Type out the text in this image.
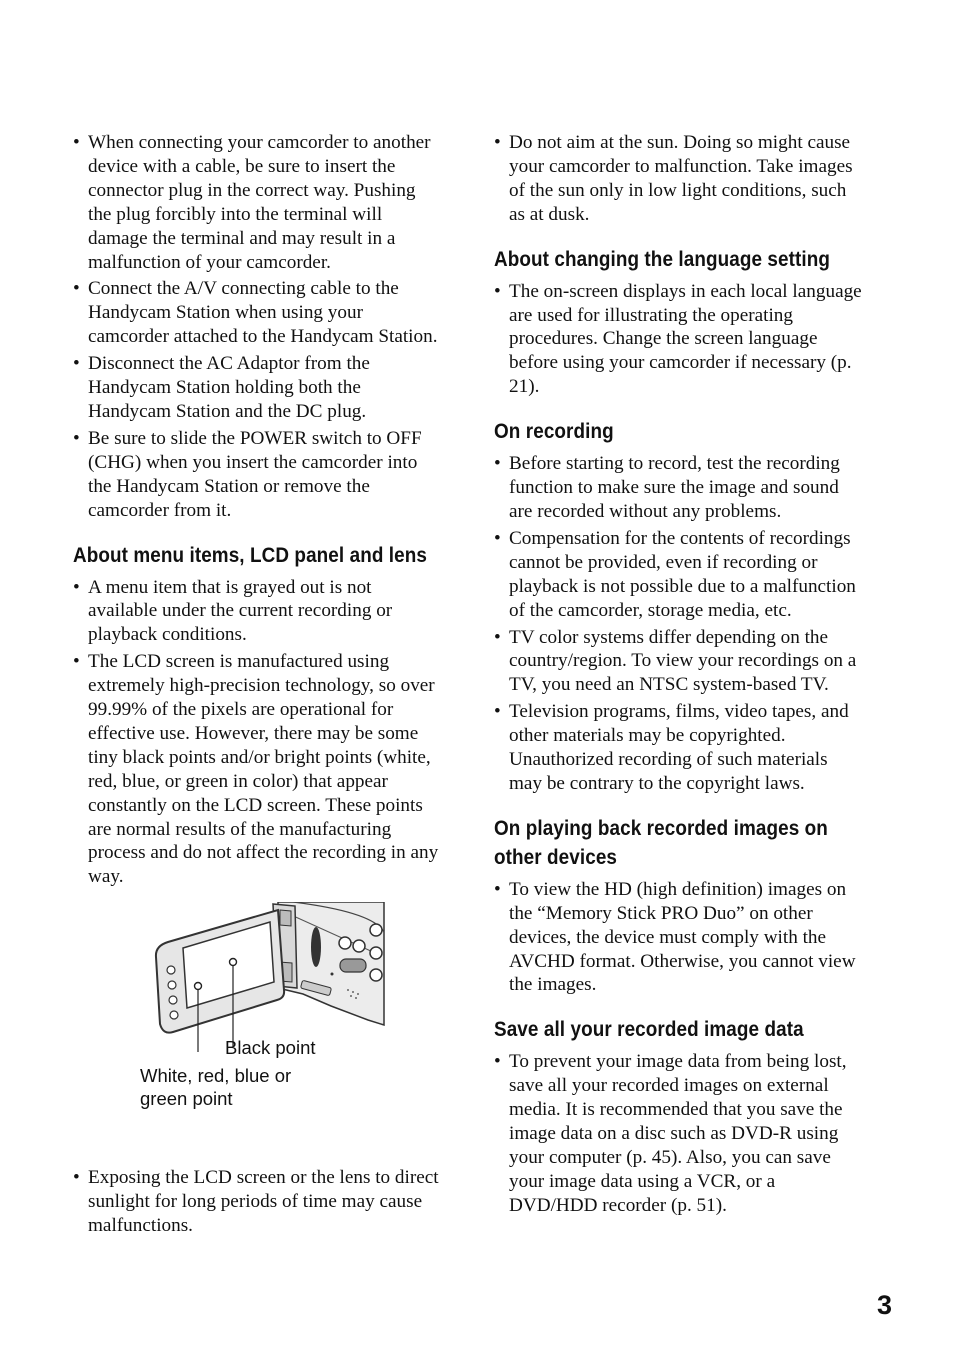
• When connecting your camcorder to another device with a cable, be sure to insert the connector plug in the correct way. Pushing the plug forcibly into the terminal will damage the terminal and may result in a malfunction of your camcorder.
• Connect the A/V connecting cable to the Handycam Station when using your camcorder attached to the Handycam Station.
• Disconnect the AC Adaptor from the Handycam Station holding both the Handycam Station and the DC plug.
• Be sure to slide the POWER switch to OFF (CHG) when you insert the camcorder into the Handycam Station or remove the camcorder from it.
About menu items, LCD panel and lens
• A menu item that is grayed out is not available under the current recording or playback conditions.
• The LCD screen is manufactured using extremely high-precision technology, so over 99.99% of the pixels are operational for effective use. However, there may be some tiny black points and/or bright points (white, red, blue, or green in color) that appear constantly on the LCD screen. These points are normal results of the manufacturing process and do not affect the recording in any way.
Black point
White, red, blue or
green point
• Exposing the LCD screen or the lens to direct sunlight for long periods of time may cause malfunctions.
• Do not aim at the sun. Doing so might cause your camcorder to malfunction. Take images of the sun only in low light conditions, such as at dusk.
About changing the language setting
• The on-screen displays in each local language are used for illustrating the operating procedures. Change the screen language before using your camcorder if necessary (p. 21).
On recording
• Before starting to record, test the recording function to make sure the image and sound are recorded without any problems.
• Compensation for the contents of recordings cannot be provided, even if recording or playback is not possible due to a malfunction of the camcorder, storage media, etc.
• TV color systems differ depending on the country/region. To view your recordings on a TV, you need an NTSC system-based TV.
• Television programs, films, video tapes, and other materials may be copyrighted. Unauthorized recording of such materials may be contrary to the copyright laws.
On playing back recorded images on other devices
• To view the HD (high definition) images on the “Memory Stick PRO Duo” on other devices, the device must comply with the AVCHD format. Otherwise, you cannot view the images.
Save all your recorded image data
• To prevent your image data from being lost, save all your recorded images on external media. It is recommended that you save the image data on a disc such as DVD-R using your computer (p. 45). Also, you can save your image data using a VCR, or a DVD/HDD recorder (p. 51).
3
